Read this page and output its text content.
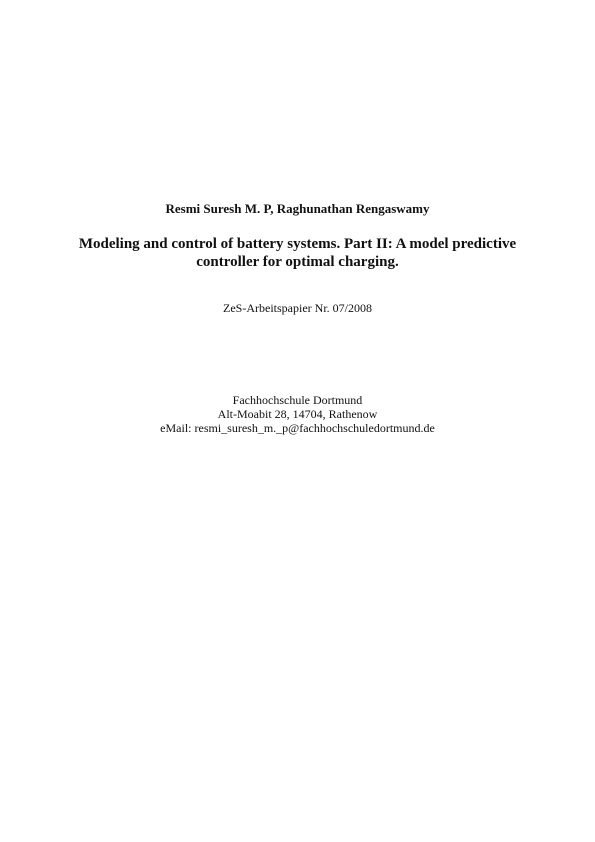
Resmi Suresh M. P, Raghunathan Rengaswamy
Modeling and control of battery systems. Part II: A model predictive
controller for optimal charging.
ZeS-Arbeitspapier Nr. 07/2008
Fachhochschule Dortmund
Alt-Moabit 28, 14704, Rathenow
eMail: resmi_suresh_m._p@fachhochschuledortmund.de
